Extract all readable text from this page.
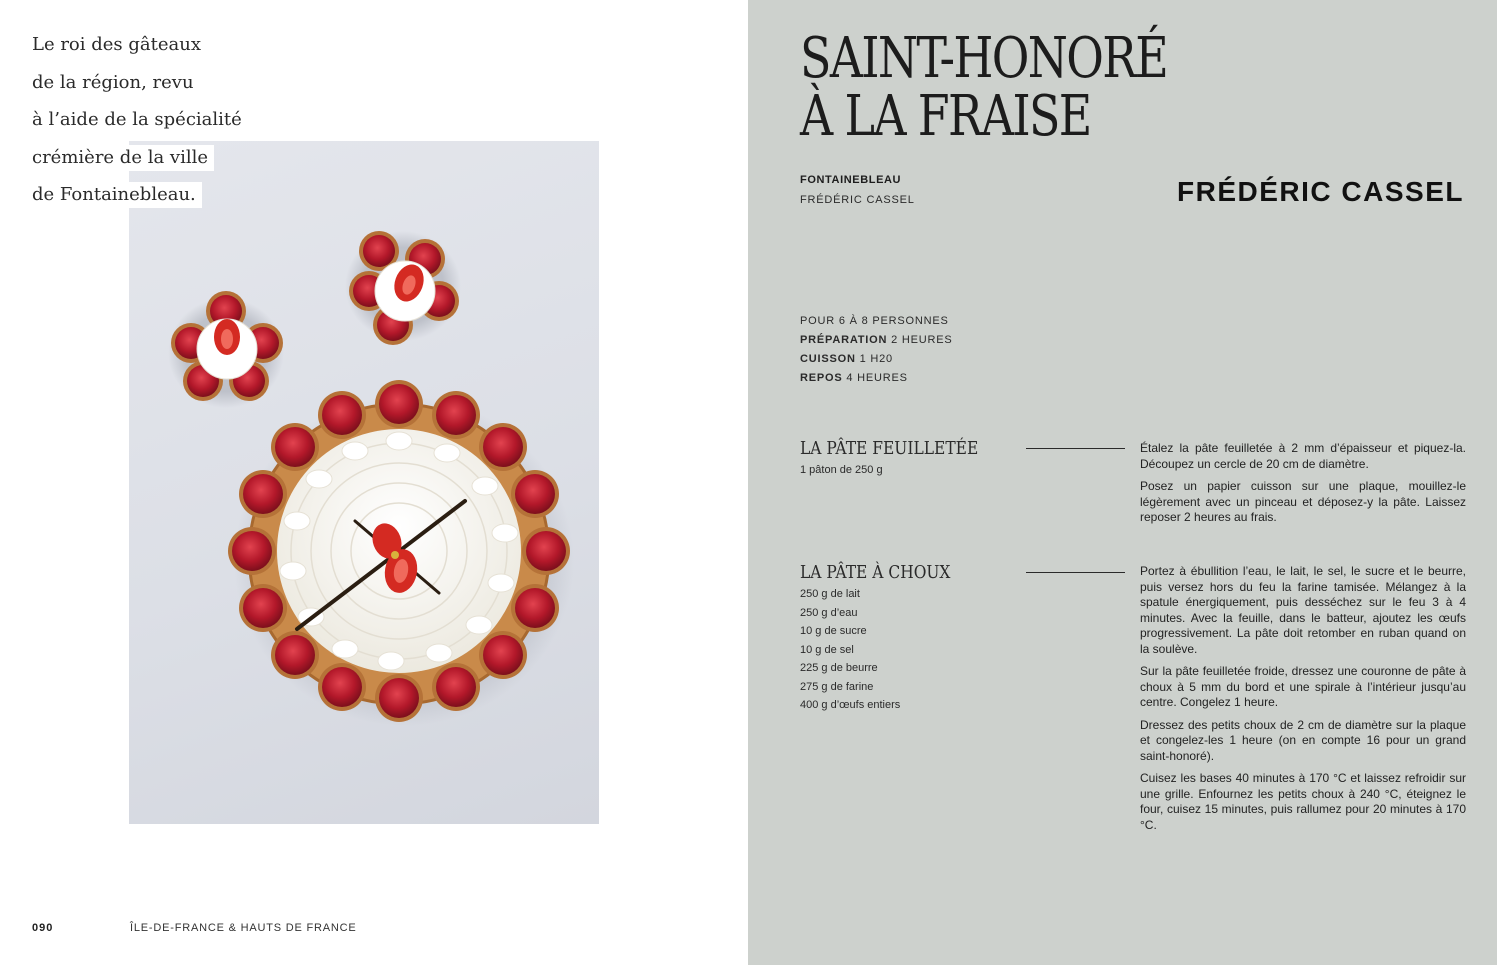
Le roi des gâteaux
de la région, revu
à l’aide de la spécialité
crémière de la ville
de Fontainebleau.
090	ÎLE-DE-FRANCE & HAUTS DE FRANCE
SAINT-HONORÉ
À LA FRAISE
FONTAINEBLEAU
FRÉDÉRIC CASSEL	FRÉDÉRIC CASSEL
POUR 6 À 8 PERSONNES
PRÉPARATION 2 HEURES
CUISSON 1 H20
REPOS 4 HEURES
LA PÂTE FEUILLETÉE
1 pâton de 250 g

Étalez la pâte feuilletée à 2 mm d’épaisseur et piquez-la. Découpez un cercle de 20 cm de diamètre.

Posez un papier cuisson sur une plaque, mouillez-le légèrement avec un pinceau et déposez-y la pâte. Laissez reposer 2 heures au frais.

LA PÂTE À CHOUX
250 g de lait
250 g d’eau
10 g de sucre
10 g de sel
225 g de beurre
275 g de farine
400 g d’œufs entiers

Portez à ébullition l’eau, le lait, le sel, le sucre et le beurre, puis versez hors du feu la farine tamisée. Mélangez à la spatule énergiquement, puis desséchez sur le feu 3 à 4 minutes. Avec la feuille, dans le batteur, ajoutez les œufs progressivement. La pâte doit retomber en ruban quand on la soulève.

Sur la pâte feuilletée froide, dressez une couronne de pâte à choux à 5 mm du bord et une spirale à l’intérieur jusqu’au centre. Congelez 1 heure.

Dressez des petits choux de 2 cm de diamètre sur la plaque et congelez-les 1 heure (on en compte 16 pour un grand saint-honoré).

Cuisez les bases 40 minutes à 170 °C et laissez refroidir sur une grille. Enfournez les petits choux à 240 °C, éteignez le four, cuisez 15 minutes, puis rallumez pour 20 minutes à 170 °C.
